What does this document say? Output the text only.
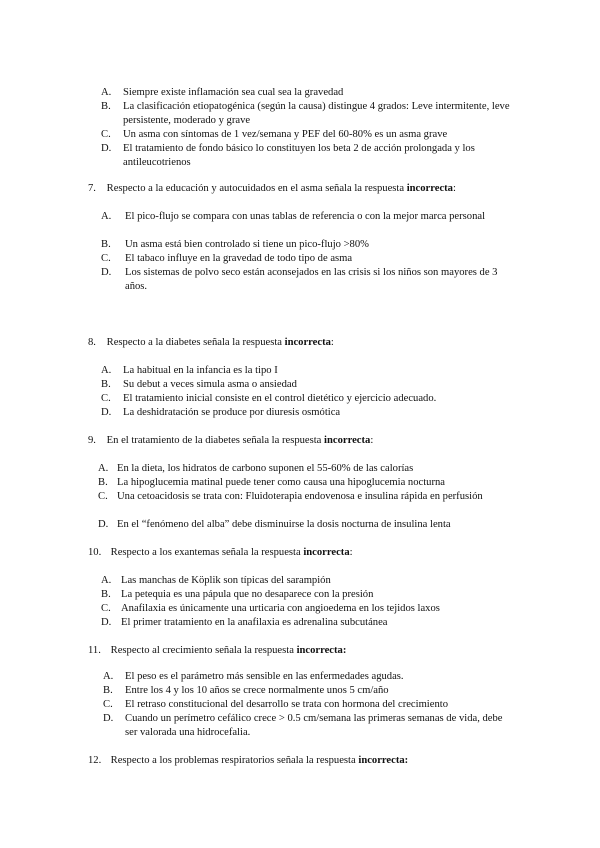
A. Siempre existe inflamación sea cual sea la gravedad
B. La clasificación etiopatogénica (según la causa) distingue 4 grados: Leve intermitente, leve persistente, moderado y grave
C. Un asma con síntomas de 1 vez/semana y PEF del 60-80% es un asma grave
D. El tratamiento de fondo básico lo constituyen los beta 2 de acción prolongada y los antileucotrienos
7. Respecto a la educación y autocuidados en el asma señala la respuesta incorrecta:
A. El pico-flujo se compara con unas tablas de referencia o con la mejor marca personal
B. Un asma está bien controlado si tiene un pico-flujo >80%
C. El tabaco influye en la gravedad de todo tipo de asma
D. Los sistemas de polvo seco están aconsejados en las crisis si los niños son mayores de 3 años.
8. Respecto a la diabetes señala la respuesta incorrecta:
A. La habitual en la infancia es la tipo I
B. Su debut a veces simula asma o ansiedad
C. El tratamiento inicial consiste en el control dietético y ejercicio adecuado.
D. La deshidratación se produce por diuresis osmótica
9. En el tratamiento de la diabetes señala la respuesta incorrecta:
A. En la dieta, los hidratos de carbono suponen el 55-60% de las calorías
B. La hipoglucemia matinal puede tener como causa una hipoglucemia nocturna
C. Una cetoacidosis se trata con: Fluidoterapia endovenosa e insulina rápida en perfusión
D. En el “fenómeno del alba” debe disminuirse la dosis nocturna de insulina lenta
10. Respecto a los exantemas señala la respuesta incorrecta:
A. Las manchas de Köplik son típicas del sarampión
B. La petequia es una pápula que no desaparece con la presión
C. Anafilaxia es únicamente una urticaria con angioedema en los tejidos laxos
D. El primer tratamiento en la anafilaxia es adrenalina subcutánea
11. Respecto al crecimiento señala la respuesta incorrecta:
A. El peso es el parámetro más sensible en las enfermedades agudas.
B. Entre los 4 y los 10 años se crece normalmente unos 5 cm/año
C. El retraso constitucional del desarrollo se trata con hormona del crecimiento
D. Cuando un perímetro cefálico crece > 0.5 cm/semana las primeras semanas de vida, debe ser valorada una hidrocefalia.
12. Respecto a los problemas respiratorios señala la respuesta incorrecta:
